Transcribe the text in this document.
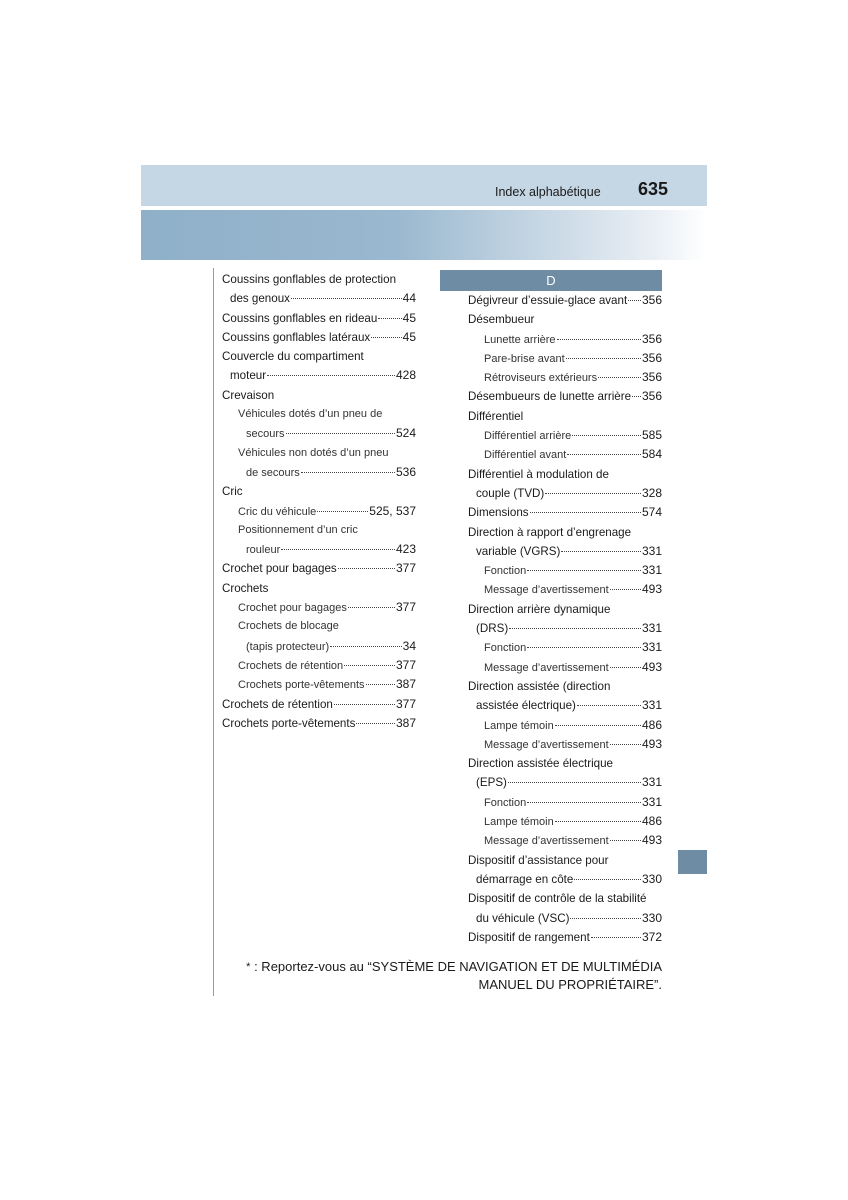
Index alphabétique 635
Coussins gonflables de protection
des genoux	44
Coussins gonflables en rideau 45
Coussins gonflables latéraux	45
Couvercle du compartiment
moteur	428
Crevaison
Véhicules dotés d’un pneu de
secours	524
Véhicules non dotés d’un pneu
de secours	536
Cric
Cric du véhicule	525, 537
Positionnement d’un cric
rouleur	423
Crochet pour bagages	377
Crochets
Crochet pour bagages	377
Crochets de blocage
(tapis protecteur)	34
Crochets de rétention	377
Crochets porte-vêtements	387
Crochets de rétention	377
Crochets porte-vêtements	387
D
Dégivreur d’essuie-glace avant 356
Désembueur
Lunette arrière	356
Pare-brise avant	356
Rétroviseurs extérieurs	356
Désembueurs de lunette arrière 356
Différentiel
Différentiel arrière	585
Différentiel avant	584
Différentiel à modulation de
couple (TVD)	328
Dimensions	574
Direction à rapport d’engrenage
variable (VGRS)	331
Fonction	331
Message d’avertissement	493
Direction arrière dynamique
(DRS)	331
Fonction	331
Message d’avertissement	493
Direction assistée (direction
assistée électrique)	331
Lampe témoin	486
Message d’avertissement	493
Direction assistée électrique
(EPS)	331
Fonction	331
Lampe témoin	486
Message d’avertissement	493
Dispositif d’assistance pour
démarrage en côte	330
Dispositif de contrôle de la stabilité
du véhicule (VSC)	330
Dispositif de rangement	372
* : Reportez-vous au “SYSTÈME DE NAVIGATION ET DE MULTIMÉDIA
MANUEL DU PROPRIÉTAIRE”.
